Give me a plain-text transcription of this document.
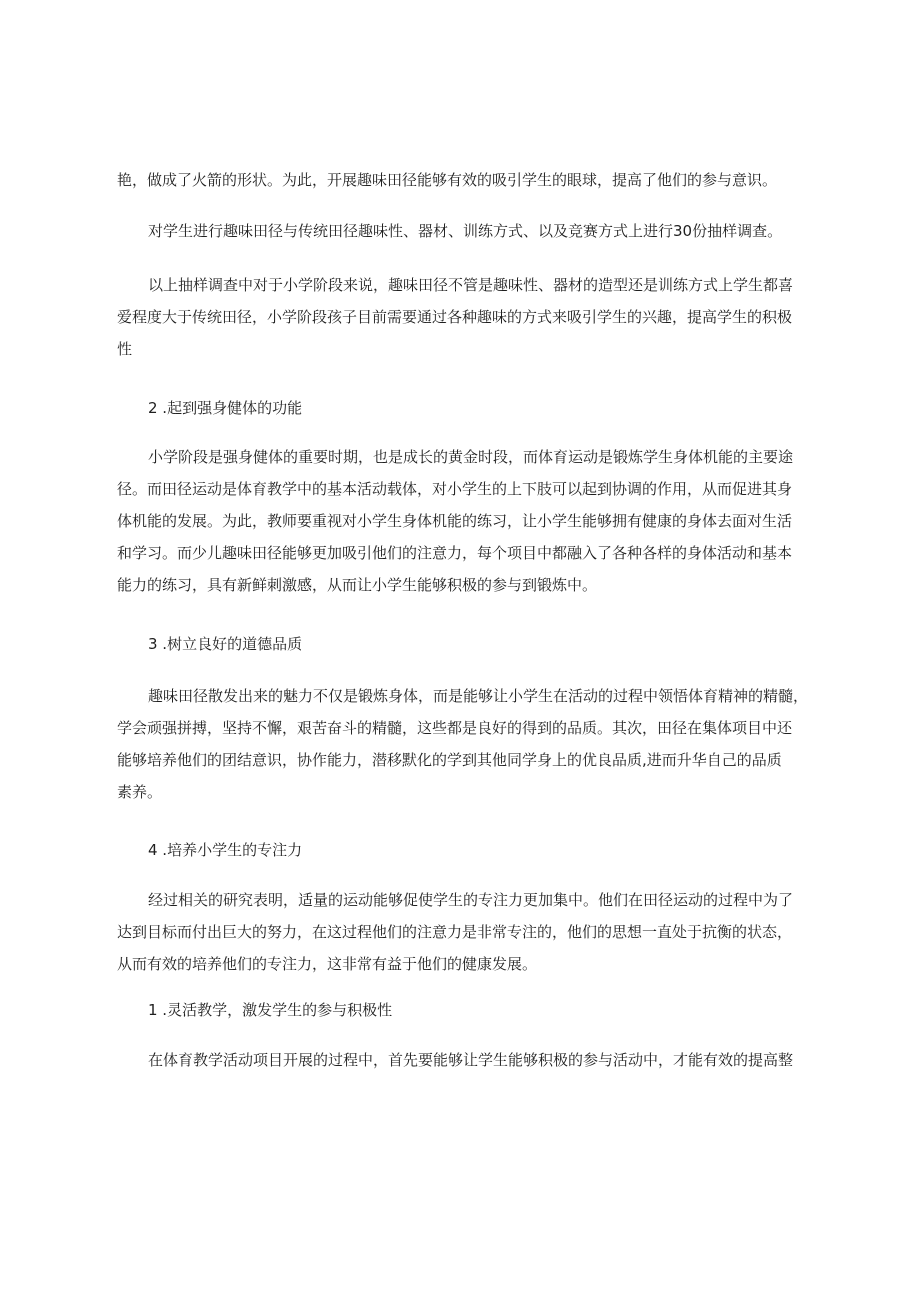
艳，做成了火箭的形状。为此，开展趣味田径能够有效的吸引学生的眼球，提高了他们的参与意识。
对学生进行趣味田径与传统田径趣味性、器材、训练方式、以及竞赛方式上进行30份抽样调查。
以上抽样调查中对于小学阶段来说，趣味田径不管是趣味性、器材的造型还是训练方式上学生都喜
爱程度大于传统田径，小学阶段孩子目前需要通过各种趣味的方式来吸引学生的兴趣，提高学生的积极
性
2 .起到强身健体的功能
小学阶段是强身健体的重要时期，也是成长的黄金时段，而体育运动是锻炼学生身体机能的主要途
径。而田径运动是体育教学中的基本活动载体，对小学生的上下肢可以起到协调的作用，从而促进其身
体机能的发展。为此，教师要重视对小学生身体机能的练习，让小学生能够拥有健康的身体去面对生活
和学习。而少儿趣味田径能够更加吸引他们的注意力，每个项目中都融入了各种各样的身体活动和基本
能力的练习，具有新鲜刺激感，从而让小学生能够积极的参与到锻炼中。
3 .树立良好的道德品质
趣味田径散发出来的魅力不仅是锻炼身体，而是能够让小学生在活动的过程中领悟体育精神的精髓，
学会顽强拼搏，坚持不懈，艰苦奋斗的精髓，这些都是良好的得到的品质。其次，田径在集体项目中还
能够培养他们的团结意识，协作能力，潜移默化的学到其他同学身上的优良品质,进而升华自己的品质
素养。
4 .培养小学生的专注力
经过相关的研究表明，适量的运动能够促使学生的专注力更加集中。他们在田径运动的过程中为了
达到目标而付出巨大的努力，在这过程他们的注意力是非常专注的，他们的思想一直处于抗衡的状态，
从而有效的培养他们的专注力，这非常有益于他们的健康发展。
1 .灵活教学，激发学生的参与积极性
在体育教学活动项目开展的过程中，首先要能够让学生能够积极的参与活动中，才能有效的提高整
